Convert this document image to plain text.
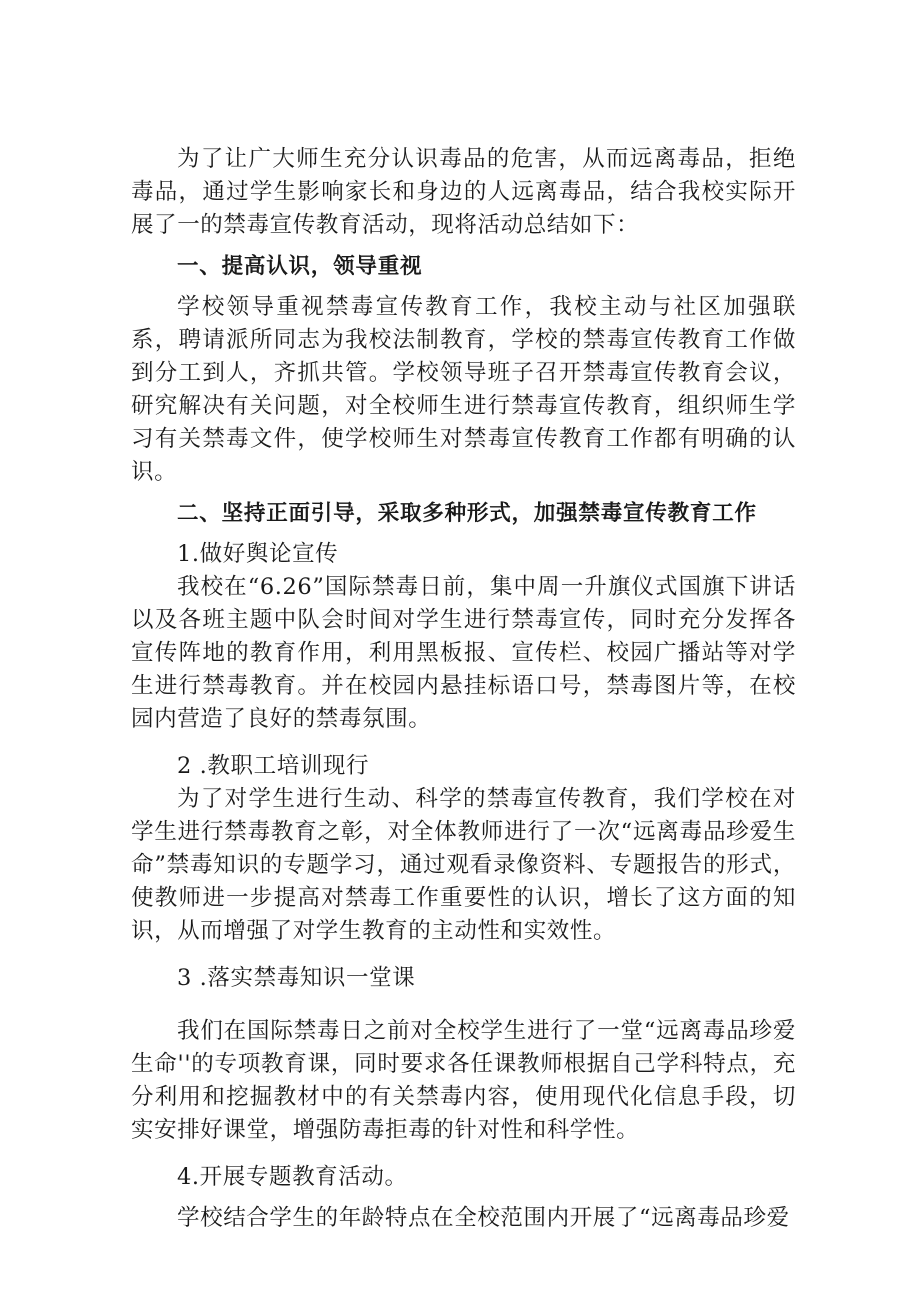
为了让广大师生充分认识毒品的危害，从而远离毒品，拒绝毒品，通过学生影响家长和身边的人远离毒品，结合我校实际开展了一的禁毒宣传教育活动，现将活动总结如下：

一、提高认识，领导重视

学校领导重视禁毒宣传教育工作，我校主动与社区加强联系，聘请派所同志为我校法制教育，学校的禁毒宣传教育工作做到分工到人，齐抓共管。学校领导班子召开禁毒宣传教育会议，研究解决有关问题，对全校师生进行禁毒宣传教育，组织师生学习有关禁毒文件，使学校师生对禁毒宣传教育工作都有明确的认识。

二、坚持正面引导，采取多种形式，加强禁毒宣传教育工作

1.做好舆论宣传

我校在“6.26”国际禁毒日前，集中周一升旗仪式国旗下讲话以及各班主题中队会时间对学生进行禁毒宣传，同时充分发挥各宣传阵地的教育作用，利用黑板报、宣传栏、校园广播站等对学生进行禁毒教育。并在校园内悬挂标语口号，禁毒图片等，在校园内营造了良好的禁毒氛围。

2 .教职工培训现行

为了对学生进行生动、科学的禁毒宣传教育，我们学校在对学生进行禁毒教育之彰，对全体教师进行了一次“远离毒品珍爱生命”禁毒知识的专题学习，通过观看录像资料、专题报告的形式，使教师进一步提高对禁毒工作重要性的认识，增长了这方面的知识，从而增强了对学生教育的主动性和实效性。

3 .落实禁毒知识一堂课

我们在国际禁毒日之前对全校学生进行了一堂“远离毒品珍爱生命''的专项教育课，同时要求各任课教师根据自己学科特点，充分利用和挖掘教材中的有关禁毒内容，使用现代化信息手段，切实安排好课堂，增强防毒拒毒的针对性和科学性。

4.开展专题教育活动。

学校结合学生的年龄特点在全校范围内开展了“远离毒品珍爱
